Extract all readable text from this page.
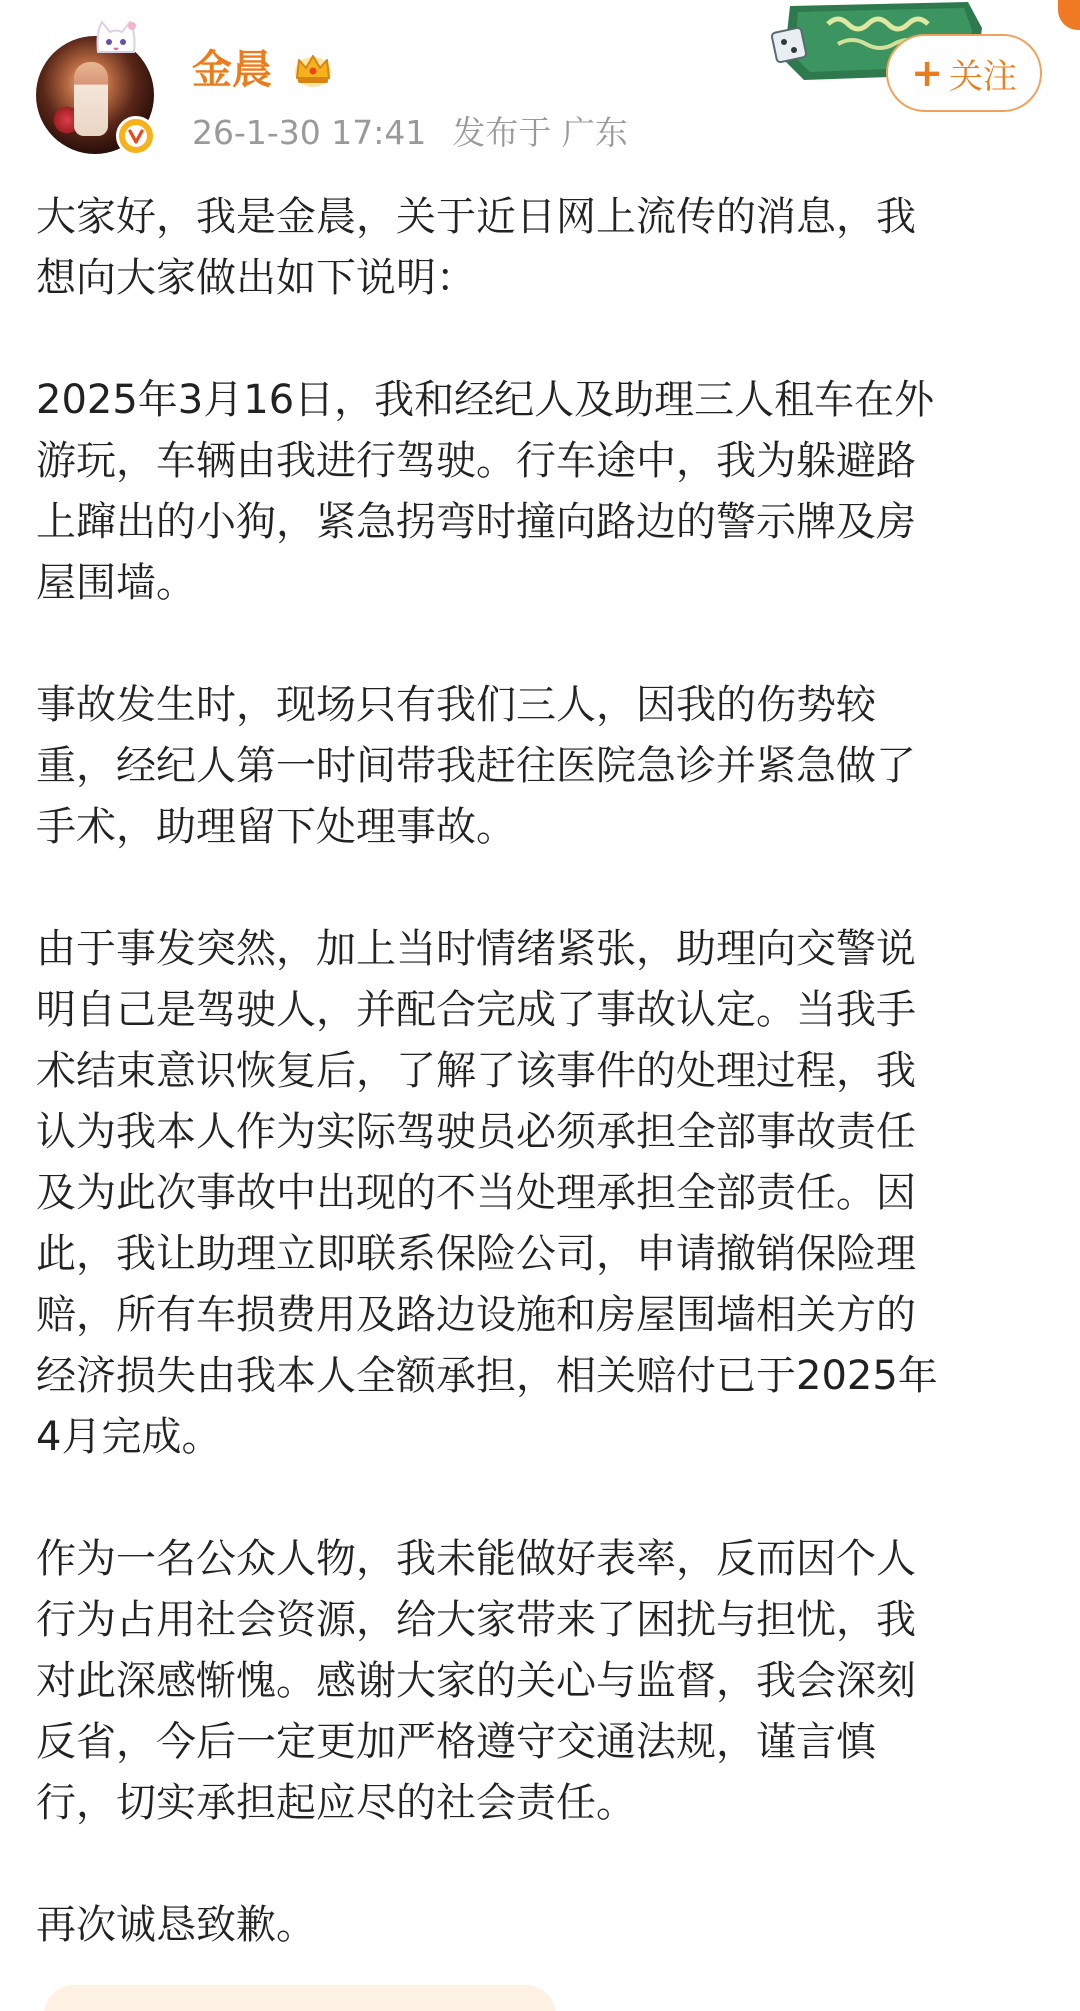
金晨
26-1-30 17:41 发布于 广东
+ 关注
大家好，我是金晨，关于近日网上流传的消息，我
想向大家做出如下说明：
2025年3月16日，我和经纪人及助理三人租车在外
游玩，车辆由我进行驾驶。行车途中，我为躲避路
上蹿出的小狗，紧急拐弯时撞向路边的警示牌及房
屋围墙。
事故发生时，现场只有我们三人，因我的伤势较
重，经纪人第一时间带我赶往医院急诊并紧急做了
手术，助理留下处理事故。
由于事发突然，加上当时情绪紧张，助理向交警说
明自己是驾驶人，并配合完成了事故认定。当我手
术结束意识恢复后，了解了该事件的处理过程，我
认为我本人作为实际驾驶员必须承担全部事故责任
及为此次事故中出现的不当处理承担全部责任。因
此，我让助理立即联系保险公司，申请撤销保险理
赔，所有车损费用及路边设施和房屋围墙相关方的
经济损失由我本人全额承担，相关赔付已于2025年
4月完成。
作为一名公众人物，我未能做好表率，反而因个人
行为占用社会资源，给大家带来了困扰与担忧，我
对此深感惭愧。感谢大家的关心与监督，我会深刻
反省，今后一定更加严格遵守交通法规，谨言慎
行，切实承担起应尽的社会责任。
再次诚恳致歉。
